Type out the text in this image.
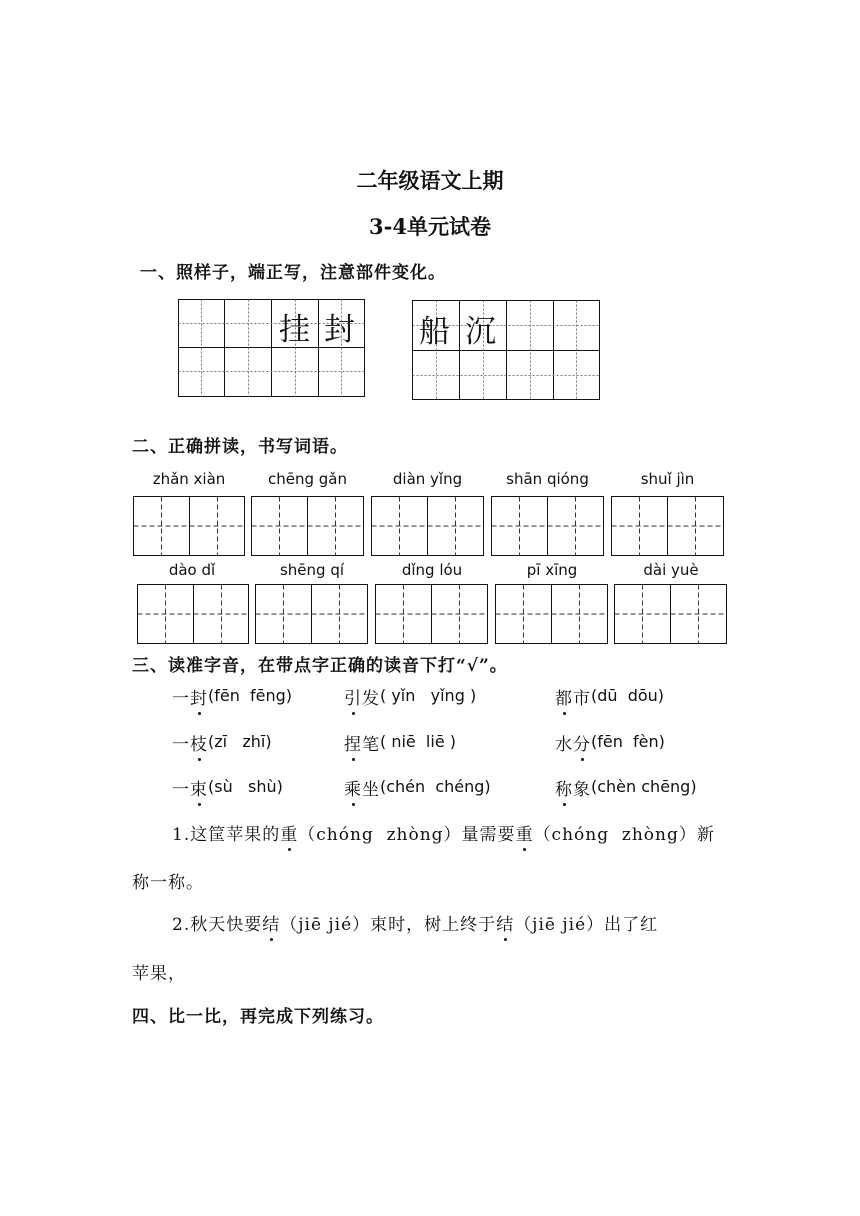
二年级语文上期
3-4单元试卷
一、照样子，端正写，注意部件变化。
挂 封 船 沉
二、正确拼读，书写词语。
zhǎn xiàn	chēng gǎn	diàn yǐng	shān qióng	shuǐ jìn
dào dǐ	shēng qí	dǐng lóu	pī xīng	dài yuè
三、读准字音，在带点字正确的读音下打“√”。
一封 (fēn  fēng)	引发 ( yǐn   yǐng )	都市 (dū  dōu)
一枝 (zī   zhī)	捏笔 ( niē  liē )	水分 (fēn  fèn)
一束 (sù   shù)	乘坐 (chén  chéng)	称象 (chèn chēng)
1.这筐苹果的重（chóng  zhòng）量需要重（chóng  zhòng）新
称一称。
2.秋天快要结（jiē jié）束时，树上终于结（jiē jié）出了红
苹果，
四、比一比，再完成下列练习。
